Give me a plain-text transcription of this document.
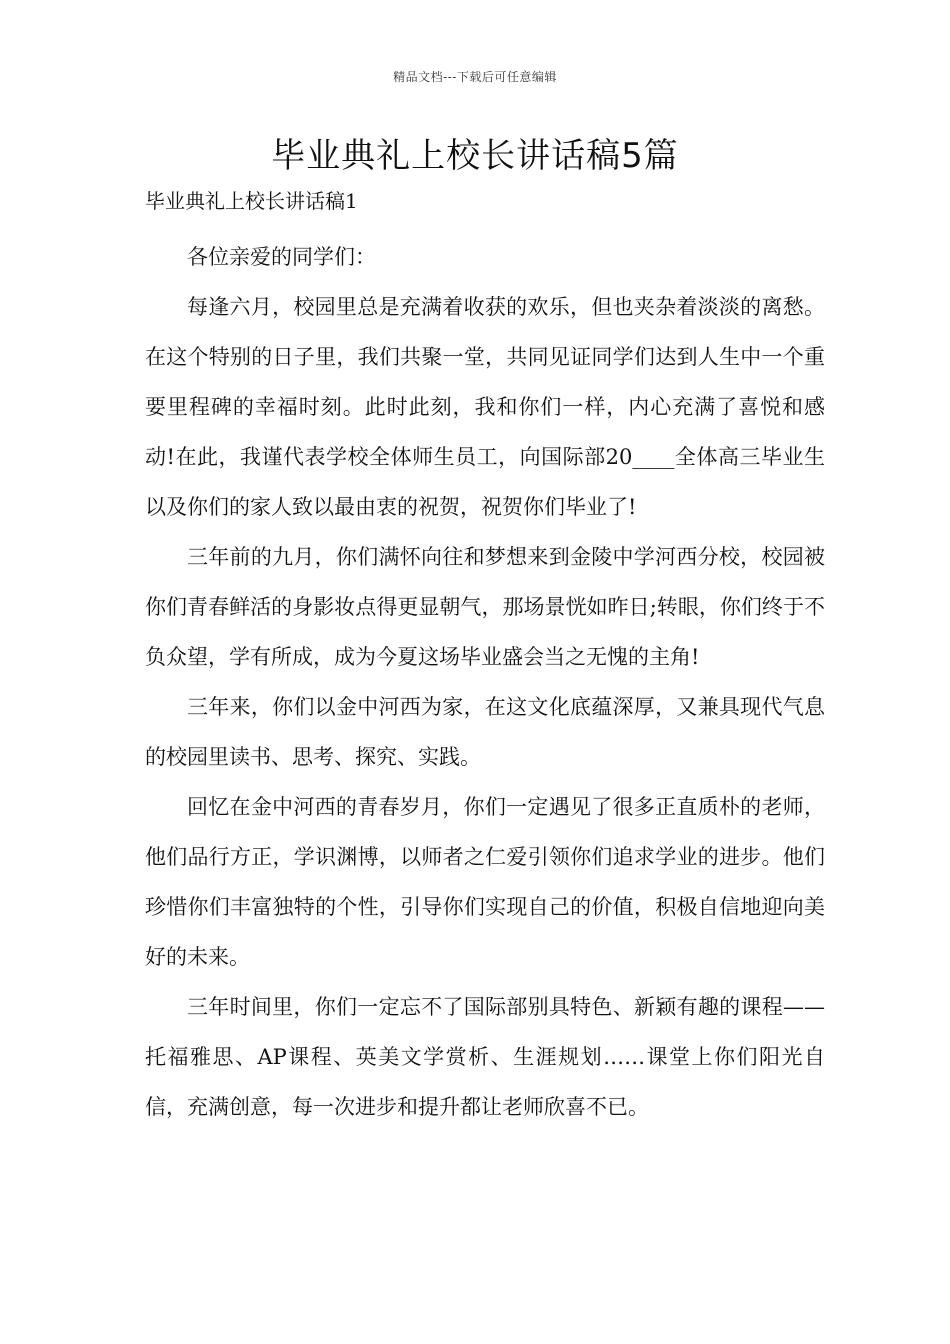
精品文档---下载后可任意编辑
毕业典礼上校长讲话稿5篇

毕业典礼上校长讲话稿1

各位亲爱的同学们：

每逢六月，校园里总是充满着收获的欢乐，但也夹杂着淡淡的离愁。在这个特别的日子里，我们共聚一堂，共同见证同学们达到人生中一个重要里程碑的幸福时刻。此时此刻，我和你们一样，内心充满了喜悦和感动!在此，我谨代表学校全体师生员工，向国际部20____全体高三毕业生以及你们的家人致以最由衷的祝贺，祝贺你们毕业了!

三年前的九月，你们满怀向往和梦想来到金陵中学河西分校，校园被你们青春鲜活的身影妆点得更显朝气，那场景恍如昨日;转眼，你们终于不负众望，学有所成，成为今夏这场毕业盛会当之无愧的主角!

三年来，你们以金中河西为家，在这文化底蕴深厚，又兼具现代气息的校园里读书、思考、探究、实践。

回忆在金中河西的青春岁月，你们一定遇见了很多正直质朴的老师，他们品行方正，学识渊博，以师者之仁爱引领你们追求学业的进步。他们珍惜你们丰富独特的个性，引导你们实现自己的价值，积极自信地迎向美好的未来。

三年时间里，你们一定忘不了国际部别具特色、新颖有趣的课程——托福雅思、AP课程、英美文学赏析、生涯规划……课堂上你们阳光自信，充满创意，每一次进步和提升都让老师欣喜不已。
